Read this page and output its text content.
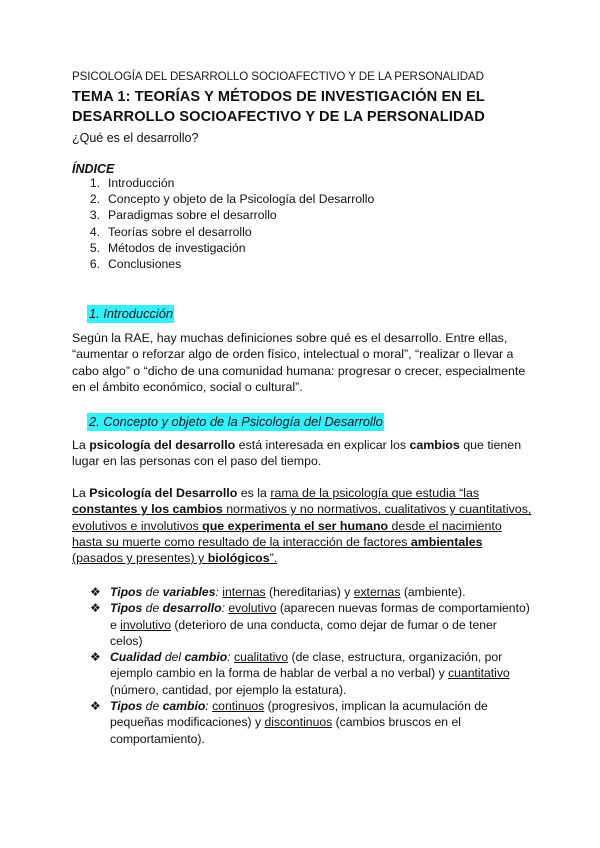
PSICOLOGÍA DEL DESARROLLO SOCIOAFECTIVO Y DE LA PERSONALIDAD
TEMA 1: TEORÍAS Y MÉTODOS DE INVESTIGACIÓN EN EL
DESARROLLO SOCIOAFECTIVO Y DE LA PERSONALIDAD
¿Qué es el desarrollo?
ÍNDICE
1. Introducción
2. Concepto y objeto de la Psicología del Desarrollo
3. Paradigmas sobre el desarrollo
4. Teorías sobre el desarrollo
5. Métodos de investigación
6. Conclusiones
1. Introducción
Según la RAE, hay muchas definiciones sobre qué es el desarrollo. Entre ellas, “aumentar o reforzar algo de orden físico, intelectual o moral”, “realizar o llevar a cabo algo” o “dicho de una comunidad humana: progresar o crecer, especialmente en el ámbito económico, social o cultural”.
2. Concepto y objeto de la Psicología del Desarrollo
La psicología del desarrollo está interesada en explicar los cambios que tienen lugar en las personas con el paso del tiempo.
La Psicología del Desarrollo es la rama de la psicología que estudia “las constantes y los cambios normativos y no normativos, cualitativos y cuantitativos, evolutivos e involutivos que experimenta el ser humano desde el nacimiento hasta su muerte como resultado de la interacción de factores ambientales (pasados y presentes) y biológicos”.
❖ Tipos de variables: internas (hereditarias) y externas (ambiente).
❖ Tipos de desarrollo: evolutivo (aparecen nuevas formas de comportamiento) e involutivo (deterioro de una conducta, como dejar de fumar o de tener celos)
❖ Cualidad del cambio: cualitativo (de clase, estructura, organización, por ejemplo cambio en la forma de hablar de verbal a no verbal) y cuantitativo (número, cantidad, por ejemplo la estatura).
❖ Tipos de cambio: continuos (progresivos, implican la acumulación de pequeñas modificaciones) y discontinuos (cambios bruscos en el comportamiento).
